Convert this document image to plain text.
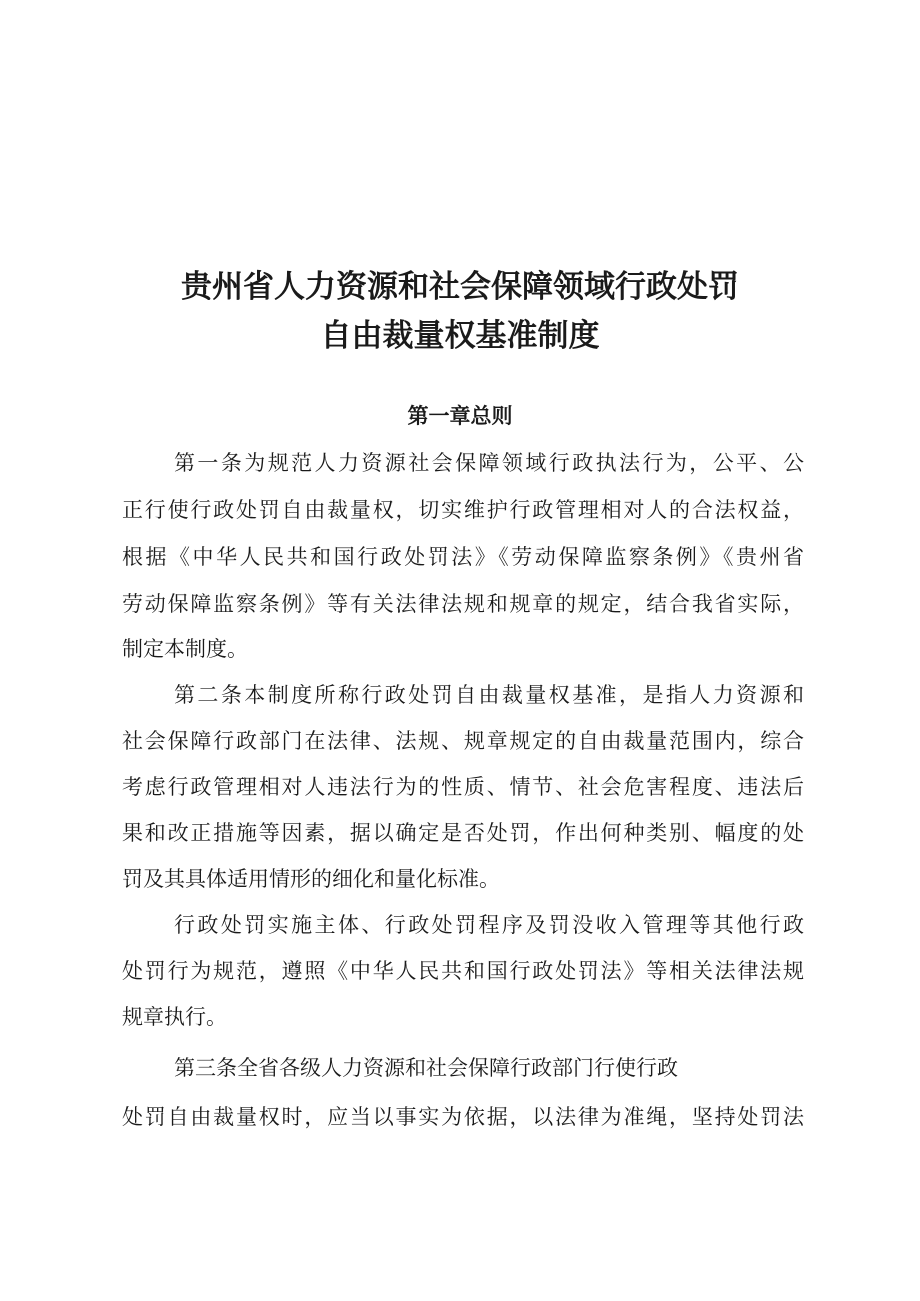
贵州省人力资源和社会保障领域行政处罚
自由裁量权基准制度
第一章总则
第一条为规范人力资源社会保障领域行政执法行为，公平、公
正行使行政处罚自由裁量权，切实维护行政管理相对人的合法权益，
根据《中华人民共和国行政处罚法》《劳动保障监察条例》《贵州省
劳动保障监察条例》等有关法律法规和规章的规定，结合我省实际，
制定本制度。
第二条本制度所称行政处罚自由裁量权基准，是指人力资源和
社会保障行政部门在法律、法规、规章规定的自由裁量范围内，综合
考虑行政管理相对人违法行为的性质、情节、社会危害程度、违法后
果和改正措施等因素，据以确定是否处罚，作出何种类别、幅度的处
罚及其具体适用情形的细化和量化标准。
行政处罚实施主体、行政处罚程序及罚没收入管理等其他行政
处罚行为规范，遵照《中华人民共和国行政处罚法》等相关法律法规
规章执行。
第三条全省各级人力资源和社会保障行政部门行使行政
处罚自由裁量权时，应当以事实为依据，以法律为准绳，坚持处罚法
